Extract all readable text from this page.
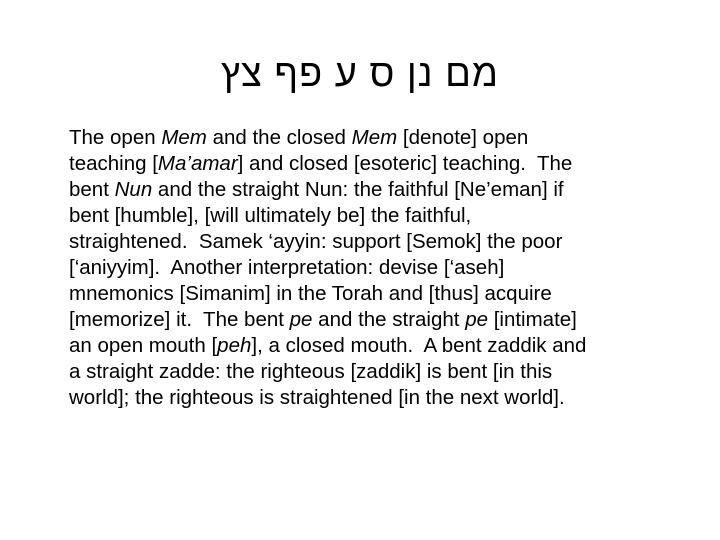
מם נן ס ע פף צץ

The open Mem and the closed Mem [denote] open

teaching [Ma’amar] and closed [esoteric] teaching.  The

bent Nun and the straight Nun: the faithful [Ne’eman] if

bent [humble], [will ultimately be] the faithful,

straightened.  Samek ‘ayyin: support [Semok] the poor

[‘aniyyim].  Another interpretation: devise [‘aseh]

mnemonics [Simanim] in the Torah and [thus] acquire

[memorize] it.  The bent pe and the straight pe [intimate]

an open mouth [peh], a closed mouth.  A bent zaddik and

a straight zadde: the righteous [zaddik] is bent [in this

world]; the righteous is straightened [in the next world].
